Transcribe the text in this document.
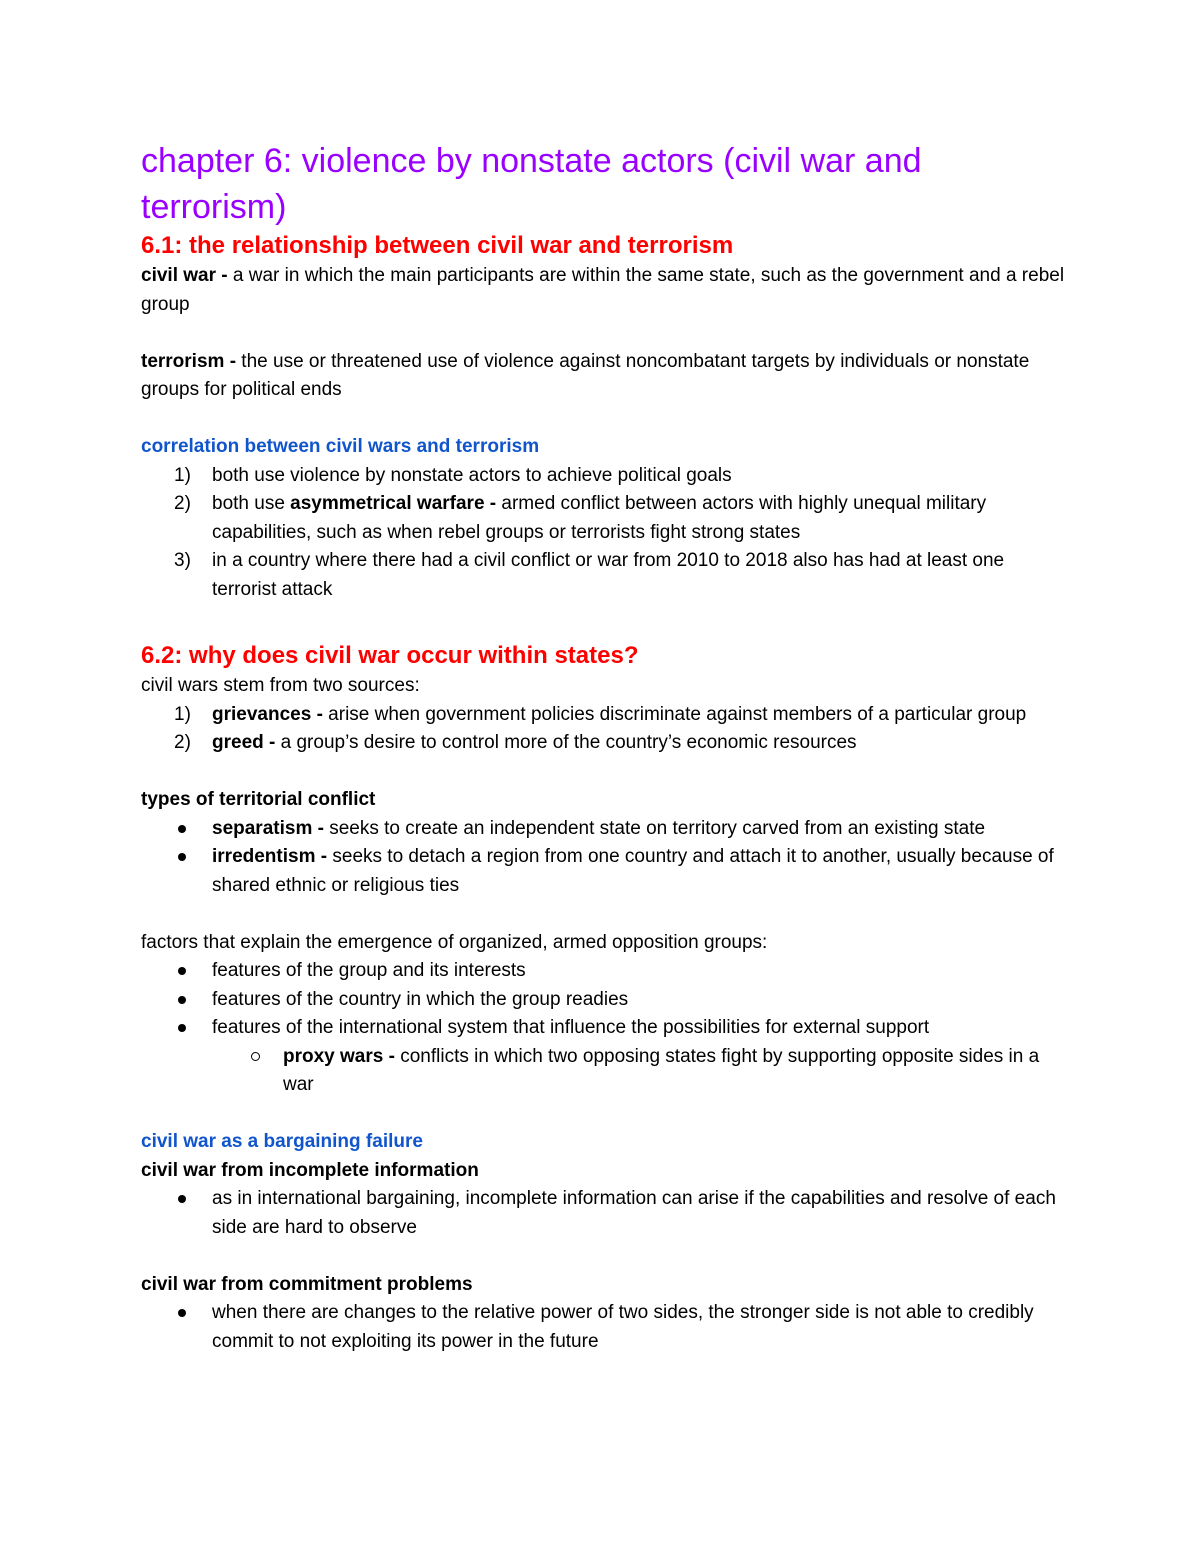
chapter 6: violence by nonstate actors (civil war and terrorism)
6.1: the relationship between civil war and terrorism

civil war - a war in which the main participants are within the same state, such as the government and a rebel group

terrorism - the use or threatened use of violence against noncombatant targets by individuals or nonstate groups for political ends

correlation between civil wars and terrorism
1) both use violence by nonstate actors to achieve political goals
2) both use asymmetrical warfare - armed conflict between actors with highly unequal military capabilities, such as when rebel groups or terrorists fight strong states
3) in a country where there had a civil conflict or war from 2010 to 2018 also has had at least one terrorist attack
6.2: why does civil war occur within states?

civil wars stem from two sources:

1) grievances - arise when government policies discriminate against members of a particular group
2) greed - a group’s desire to control more of the country’s economic resources
types of territorial conflict
separatism - seeks to create an independent state on territory carved from an existing state
irredentism - seeks to detach a region from one country and attach it to another, usually because of shared ethnic or religious ties

factors that explain the emergence of organized, armed opposition groups:

features of the group and its interests
features of the country in which the group readies
features of the international system that influence the possibilities for external support
proxy wars - conflicts in which two opposing states fight by supporting opposite sides in a war
civil war as a bargaining failure
civil war from incomplete information
as in international bargaining, incomplete information can arise if the capabilities and resolve of each side are hard to observe
civil war from commitment problems
when there are changes to the relative power of two sides, the stronger side is not able to credibly commit to not exploiting its power in the future
